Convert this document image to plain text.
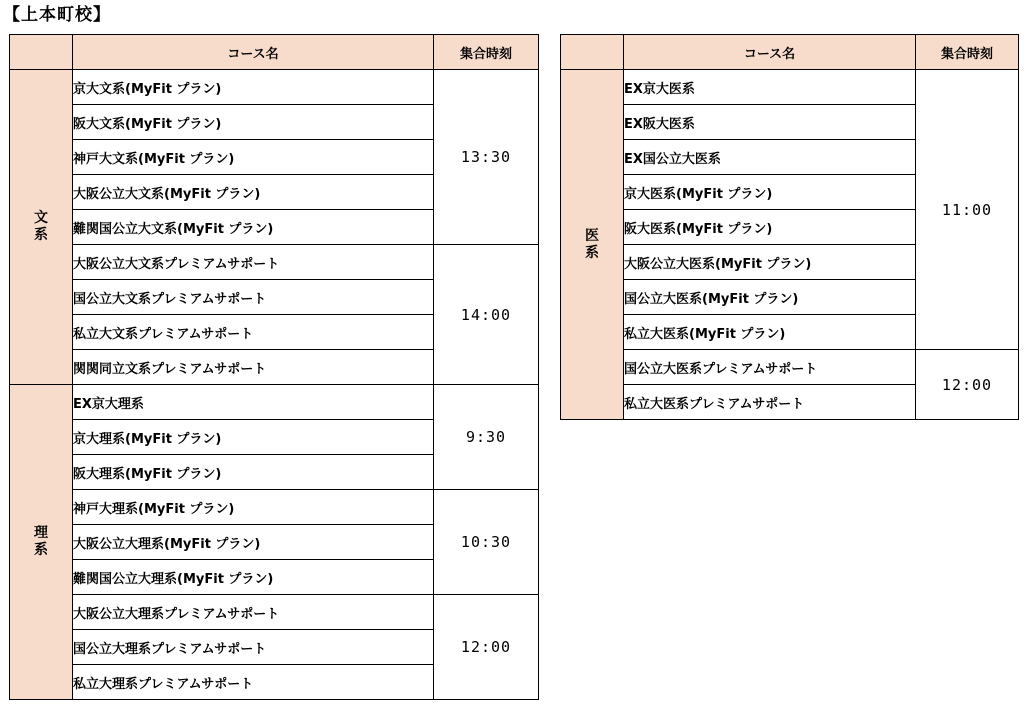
【上本町校】
	コース名	集合時刻
文系	京大文系(MyFit プラン)	13:30
	阪大文系(MyFit プラン)	
	神戸大文系(MyFit プラン)	
	大阪公立大文系(MyFit プラン)	
	難関国公立大文系(MyFit プラン)	
	大阪公立大文系プレミアムサポート	14:00
	国公立大文系プレミアムサポート	
	私立大文系プレミアムサポート	
	関関同立文系プレミアムサポート	
理系	EX京大理系	9:30
	京大理系(MyFit プラン)	
	阪大理系(MyFit プラン)	
	神戸大理系(MyFit プラン)	10:30
	大阪公立大理系(MyFit プラン)	
	難関国公立大理系(MyFit プラン)	
	大阪公立大理系プレミアムサポート	12:00
	国公立大理系プレミアムサポート	
	私立大理系プレミアムサポート	
	コース名	集合時刻
医系	EX京大医系	11:00
	EX阪大医系	
	EX国公立大医系	
	京大医系(MyFit プラン)	
	阪大医系(MyFit プラン)	
	大阪公立大医系(MyFit プラン)	
	国公立大医系(MyFit プラン)	
	私立大医系(MyFit プラン)	
	国公立大医系プレミアムサポート	12:00
	私立大医系プレミアムサポート	
